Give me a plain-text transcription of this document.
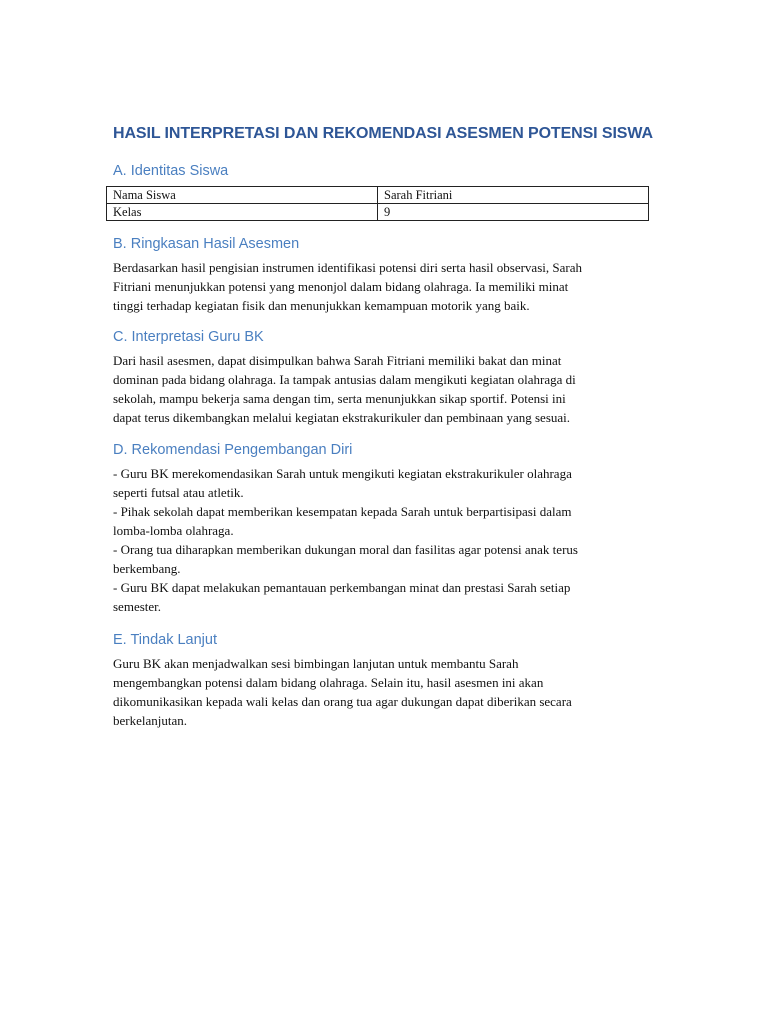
HASIL INTERPRETASI DAN REKOMENDASI ASESMEN POTENSI SISWA
A. Identitas Siswa
Nama Siswa	Sarah Fitriani
Kelas	9
B. Ringkasan Hasil Asesmen
Berdasarkan hasil pengisian instrumen identifikasi potensi diri serta hasil observasi, Sarah
Fitriani menunjukkan potensi yang menonjol dalam bidang olahraga. Ia memiliki minat
tinggi terhadap kegiatan fisik dan menunjukkan kemampuan motorik yang baik.
C. Interpretasi Guru BK
Dari hasil asesmen, dapat disimpulkan bahwa Sarah Fitriani memiliki bakat dan minat
dominan pada bidang olahraga. Ia tampak antusias dalam mengikuti kegiatan olahraga di
sekolah, mampu bekerja sama dengan tim, serta menunjukkan sikap sportif. Potensi ini
dapat terus dikembangkan melalui kegiatan ekstrakurikuler dan pembinaan yang sesuai.
D. Rekomendasi Pengembangan Diri
- Guru BK merekomendasikan Sarah untuk mengikuti kegiatan ekstrakurikuler olahraga
seperti futsal atau atletik.
- Pihak sekolah dapat memberikan kesempatan kepada Sarah untuk berpartisipasi dalam
lomba-lomba olahraga.
- Orang tua diharapkan memberikan dukungan moral dan fasilitas agar potensi anak terus
berkembang.
- Guru BK dapat melakukan pemantauan perkembangan minat dan prestasi Sarah setiap
semester.
E. Tindak Lanjut
Guru BK akan menjadwalkan sesi bimbingan lanjutan untuk membantu Sarah
mengembangkan potensi dalam bidang olahraga. Selain itu, hasil asesmen ini akan
dikomunikasikan kepada wali kelas dan orang tua agar dukungan dapat diberikan secara
berkelanjutan.
